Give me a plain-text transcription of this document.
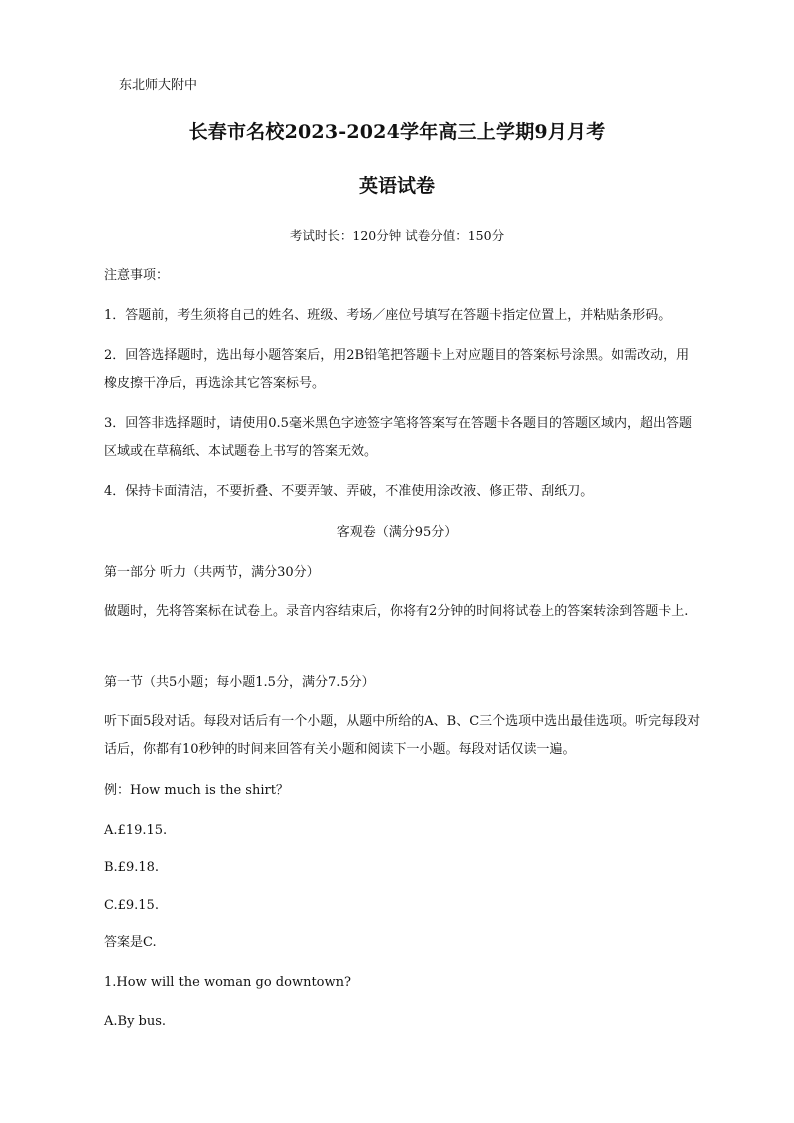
东北师大附中
长春市名校2023-2024学年高三上学期9月月考
英语试卷
考试时长：120分钟 试卷分值：150分
注意事项：
1．答题前，考生须将自己的姓名、班级、考场／座位号填写在答题卡指定位置上，并粘贴条形码。
2．回答选择题时，选出每小题答案后，用2B铅笔把答题卡上对应题目的答案标号涂黑。如需改动，用橡皮擦干净后，再选涂其它答案标号。
3．回答非选择题时，请使用0.5毫米黑色字迹签字笔将答案写在答题卡各题目的答题区域内，超出答题区域或在草稿纸、本试题卷上书写的答案无效。
4．保持卡面清洁，不要折叠、不要弄皱、弄破，不准使用涂改液、修正带、刮纸刀。
客观卷（满分95分）
第一部分 听力（共两节，满分30分）
做题时，先将答案标在试卷上。录音内容结束后，你将有2分钟的时间将试卷上的答案转涂到答题卡上.
第一节（共5小题；每小题1.5分，满分7.5分）
听下面5段对话。每段对话后有一个小题，从题中所给的A、B、C三个选项中选出最佳选项。听完每段对话后，你都有10秒钟的时间来回答有关小题和阅读下一小题。每段对话仅读一遍。
例：How much is the shirt？
A.£19.15.
B.£9.18.
C.£9.15.
答案是C.
1.How will the woman go downtown?
A.By bus.
